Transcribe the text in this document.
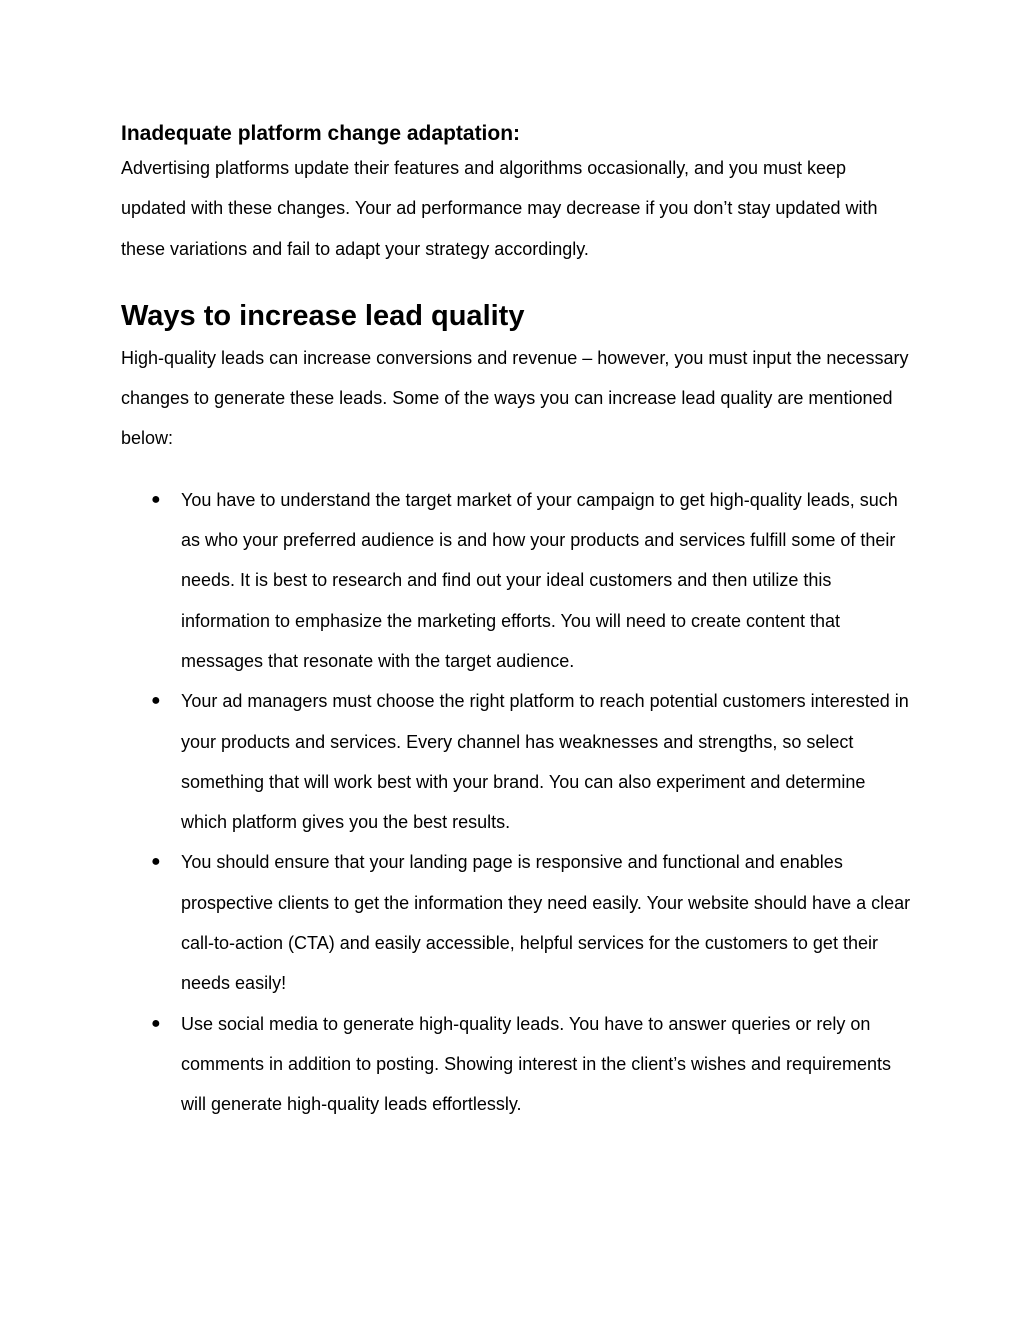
Inadequate platform change adaptation:

Advertising platforms update their features and algorithms occasionally, and you must keep updated with these changes. Your ad performance may decrease if you don’t stay updated with these variations and fail to adapt your strategy accordingly.

Ways to increase lead quality

High-quality leads can increase conversions and revenue – however, you must input the necessary changes to generate these leads. Some of the ways you can increase lead quality are mentioned below:

● You have to understand the target market of your campaign to get high-quality leads, such as who your preferred audience is and how your products and services fulfill some of their needs. It is best to research and find out your ideal customers and then utilize this information to emphasize the marketing efforts. You will need to create content that messages that resonate with the target audience.
● Your ad managers must choose the right platform to reach potential customers interested in your products and services. Every channel has weaknesses and strengths, so select something that will work best with your brand. You can also experiment and determine which platform gives you the best results.
● You should ensure that your landing page is responsive and functional and enables prospective clients to get the information they need easily. Your website should have a clear call-to-action (CTA) and easily accessible, helpful services for the customers to get their needs easily!
● Use social media to generate high-quality leads. You have to answer queries or rely on comments in addition to posting. Showing interest in the client’s wishes and requirements will generate high-quality leads effortlessly.
